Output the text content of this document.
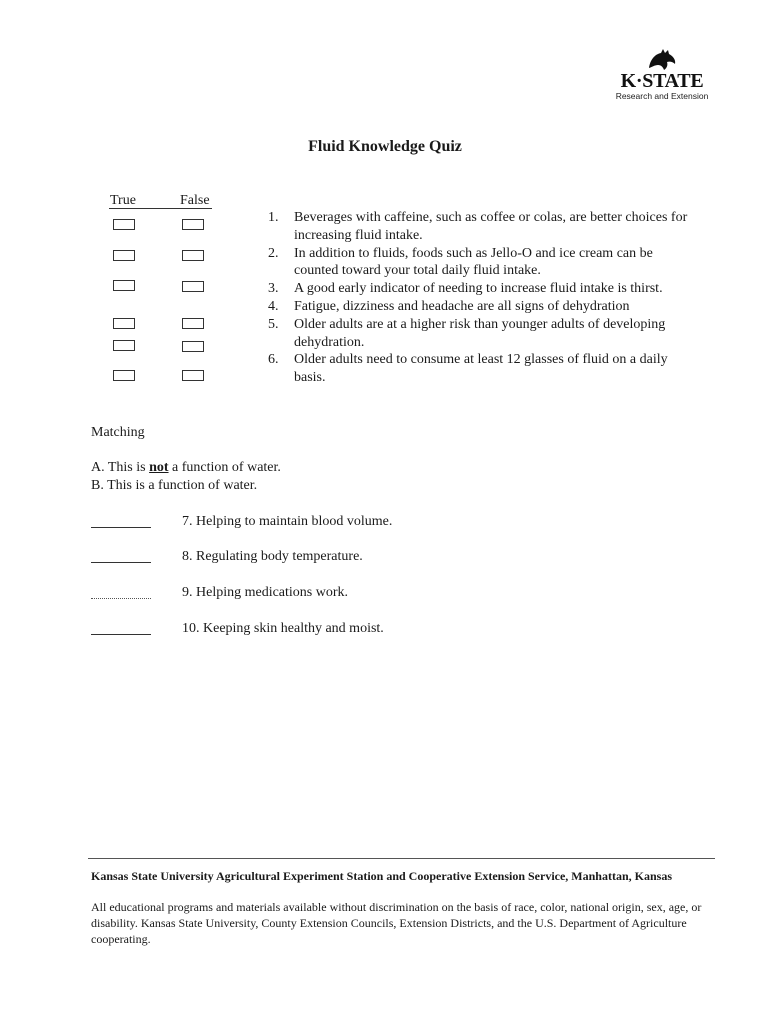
K·STATE
Research and Extension
Fluid Knowledge Quiz
True	False
1.	Beverages with caffeine, such as coffee or colas, are better choices for increasing fluid intake.
2.	In addition to fluids, foods such as Jello-O and ice cream can be counted toward your total daily fluid intake.
3.	A good early indicator of needing to increase fluid intake is thirst.
4.	Fatigue, dizziness and headache are all signs of dehydration
5.	Older adults are at a higher risk than younger adults of developing dehydration.
6.	Older adults need to consume at least 12 glasses of fluid on a daily basis.
Matching
A. This is not a function of water.
B. This is a function of water.
7. Helping to maintain blood volume.
8. Regulating body temperature.
9. Helping medications work.
10. Keeping skin healthy and moist.
Kansas State University Agricultural Experiment Station and Cooperative Extension Service, Manhattan, Kansas
All educational programs and materials available without discrimination on the basis of race, color, national origin, sex, age, or disability. Kansas State University, County Extension Councils, Extension Districts, and the U.S. Department of Agriculture cooperating.
